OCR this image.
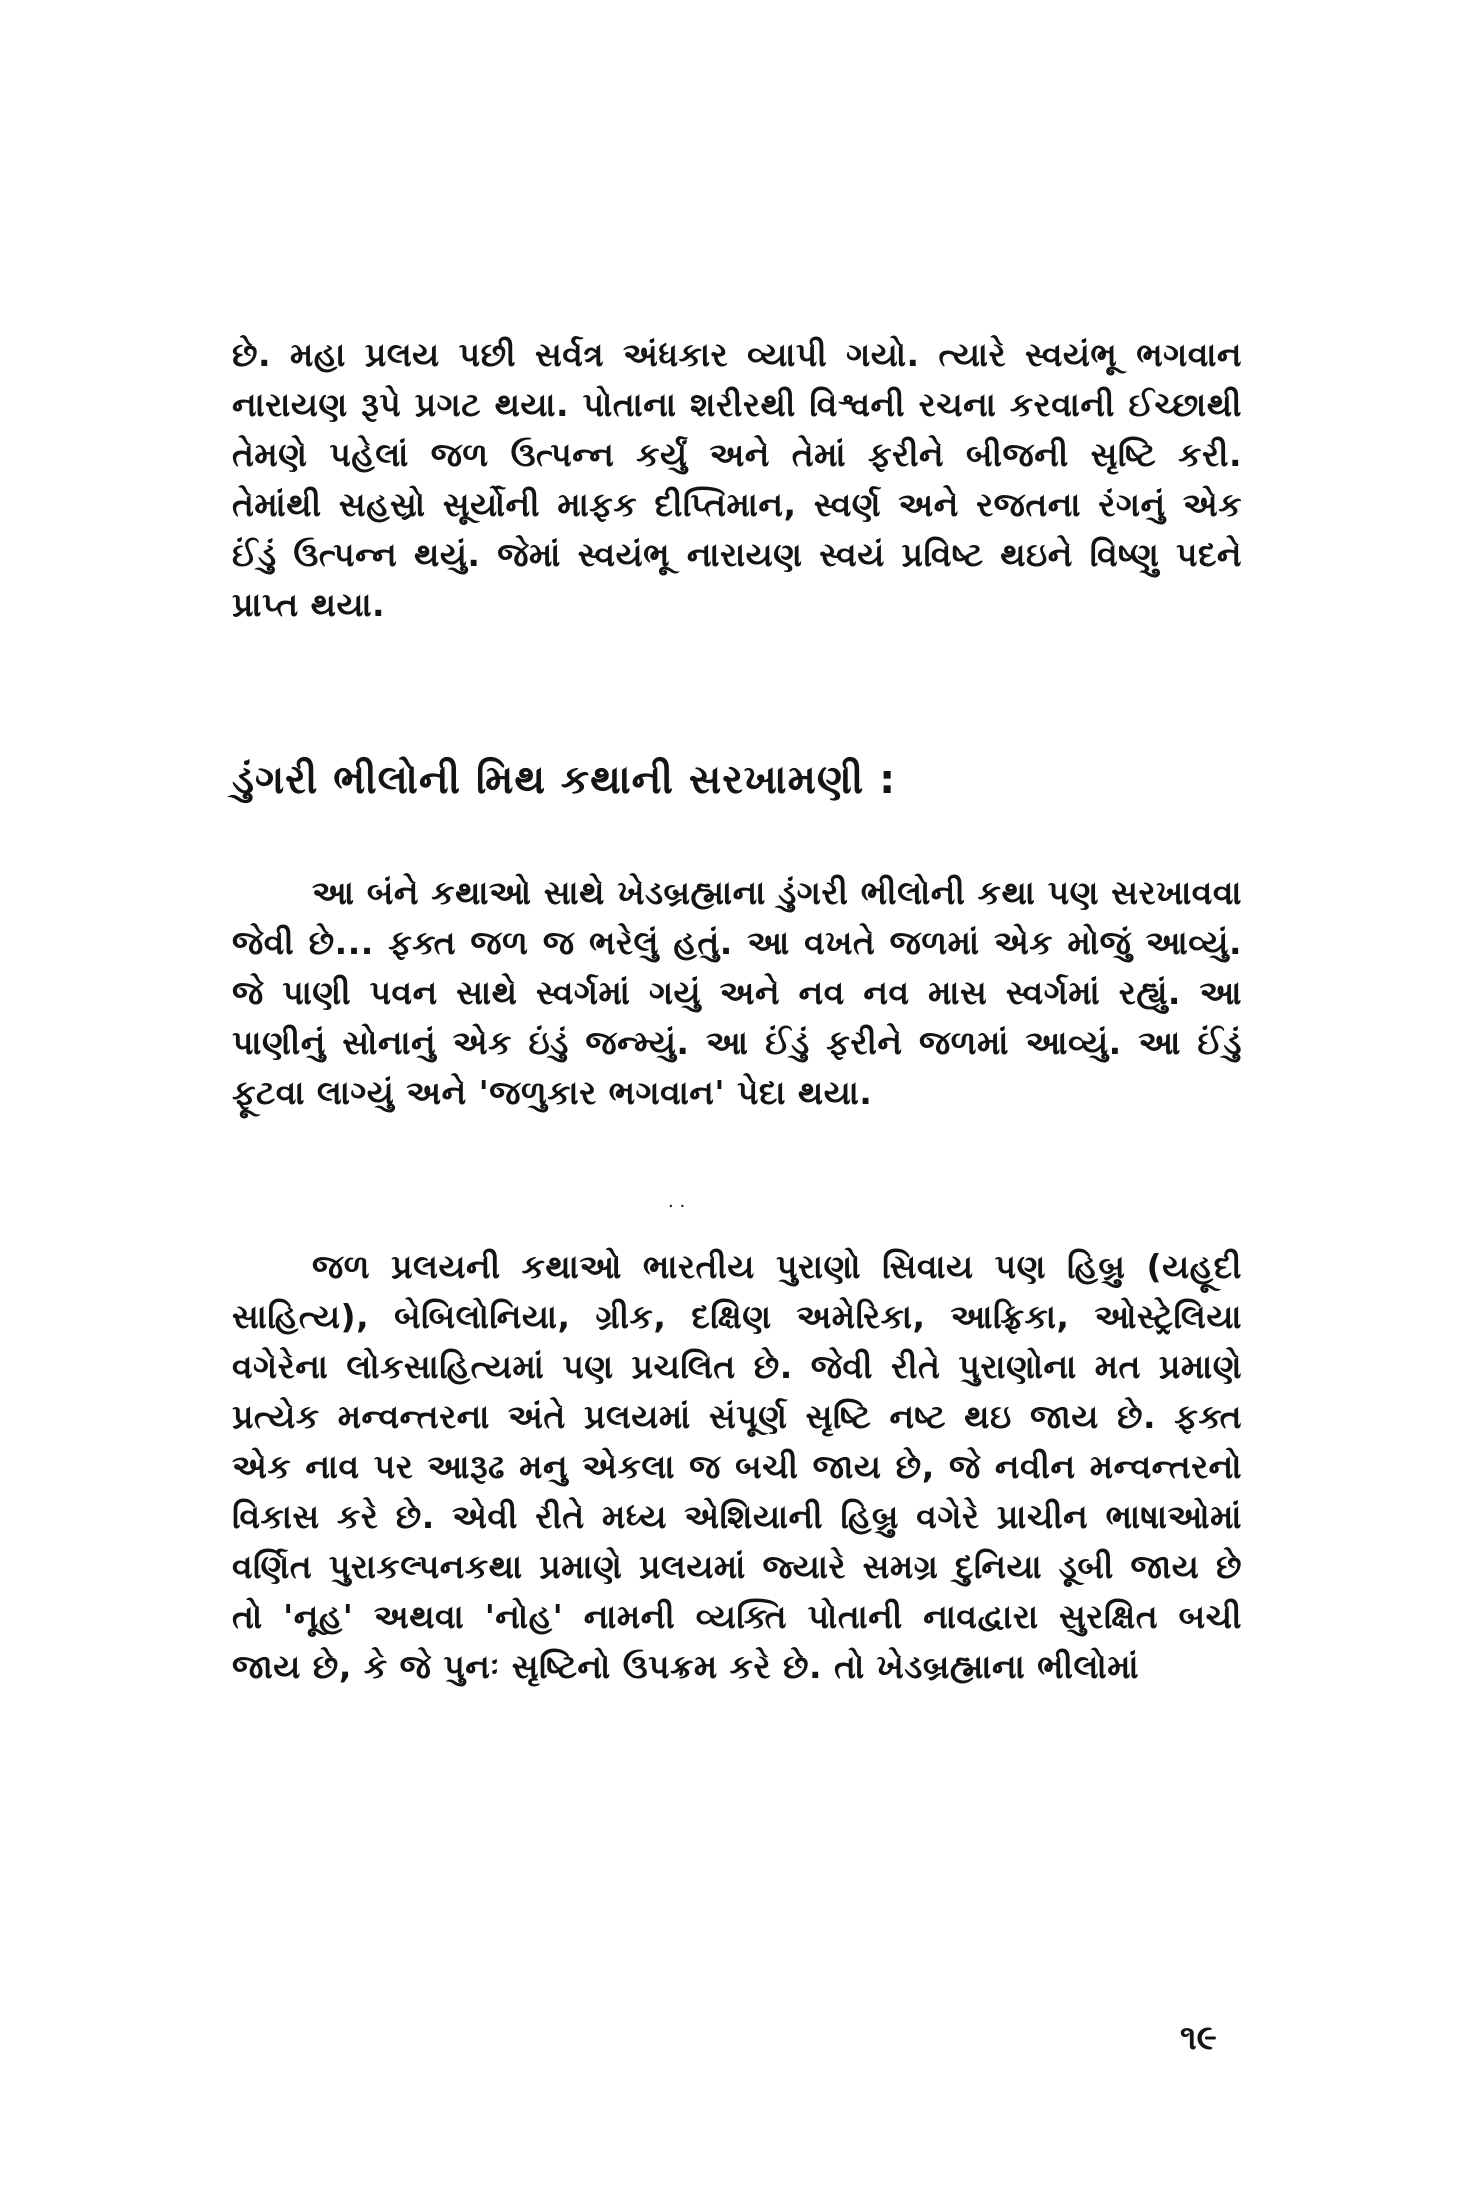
છે. મહા પ્રલય પછી સર્વત્ર અંધકાર વ્યાપી ગયો. ત્યારે સ્વયંભૂ ભગવાન નારાયણ રૂપે પ્રગટ થયા. પોતાના શરીરથી વિશ્વની રચના કરવાની ઈચ્છાથી તેમણે પહેલાં જળ ઉત્પન્ન કર્યું અને તેમાં ફરીને બીજની સૃષ્ટિ કરી. તેમાંથી સહસ્રો સૂર્યોની માફક દીપ્તિમાન, સ્વર્ણ અને રજતના રંગનું એક ઈંડું ઉત્પન્ન થયું. જેમાં સ્વયંભૂ નારાયણ સ્વયં પ્રવિષ્ટ થઇને વિષ્ણુ પદને પ્રાપ્ત થયા.

ડુંગરી ભીલોની મિથ કથાની સરખામણી :

આ બંને કથાઓ સાથે ખેડબ્રહ્માના ડુંગરી ભીલોની કથા પણ સરખાવવા જેવી છે... ફક્ત જળ જ ભરેલું હતું. આ વખતે જળમાં એક મોજું આવ્યું. જે પાણી પવન સાથે સ્વર્ગમાં ગયું અને નવ નવ માસ સ્વર્ગમાં રહ્યું. આ પાણીનું સોનાનું એક ઇંડું જન્મ્યું. આ ઈંડું ફરીને જળમાં આવ્યું. આ ઈંડું ફૂટવા લાગ્યું અને 'જળુકાર ભગવાન' પેદા થયા.

· ·

જળ પ્રલયની કથાઓ ભારતીય પુરાણો સિવાય પણ હિબ્રુ (યહૂદી સાહિત્ય), બેબિલોનિયા, ગ્રીક, દક્ષિણ અમેરિકા, આફ્રિકા, ઓસ્ટ્રેલિયા વગેરેના લોકસાહિત્યમાં પણ પ્રચલિત છે. જેવી રીતે પુરાણોના મત પ્રમાણે પ્રત્યેક મન્વન્તરના અંતે પ્રલયમાં સંપૂર્ણ સૃષ્ટિ નષ્ટ થઇ જાય છે. ફક્ત એક નાવ પર આરૂઢ મનુ એકલા જ બચી જાય છે, જે નવીન મન્વન્તરનો વિકાસ કરે છે. એવી રીતે મધ્ય એશિયાની હિબ્રુ વગેરે પ્રાચીન ભાષાઓમાં વર્ણિત પુરાકલ્પનકથા પ્રમાણે પ્રલયમાં જ્યારે સમગ્ર દુનિયા ડૂબી જાય છે તો 'નૂહ' અથવા 'નોહ' નામની વ્યક્તિ પોતાની નાવદ્વારા સુરક્ષિત બચી જાય છે, કે જે પુનઃ સૃષ્ટિનો ઉપક્રમ કરે છે. તો ખેડબ્રહ્માના ભીલોમાં

૧૯
